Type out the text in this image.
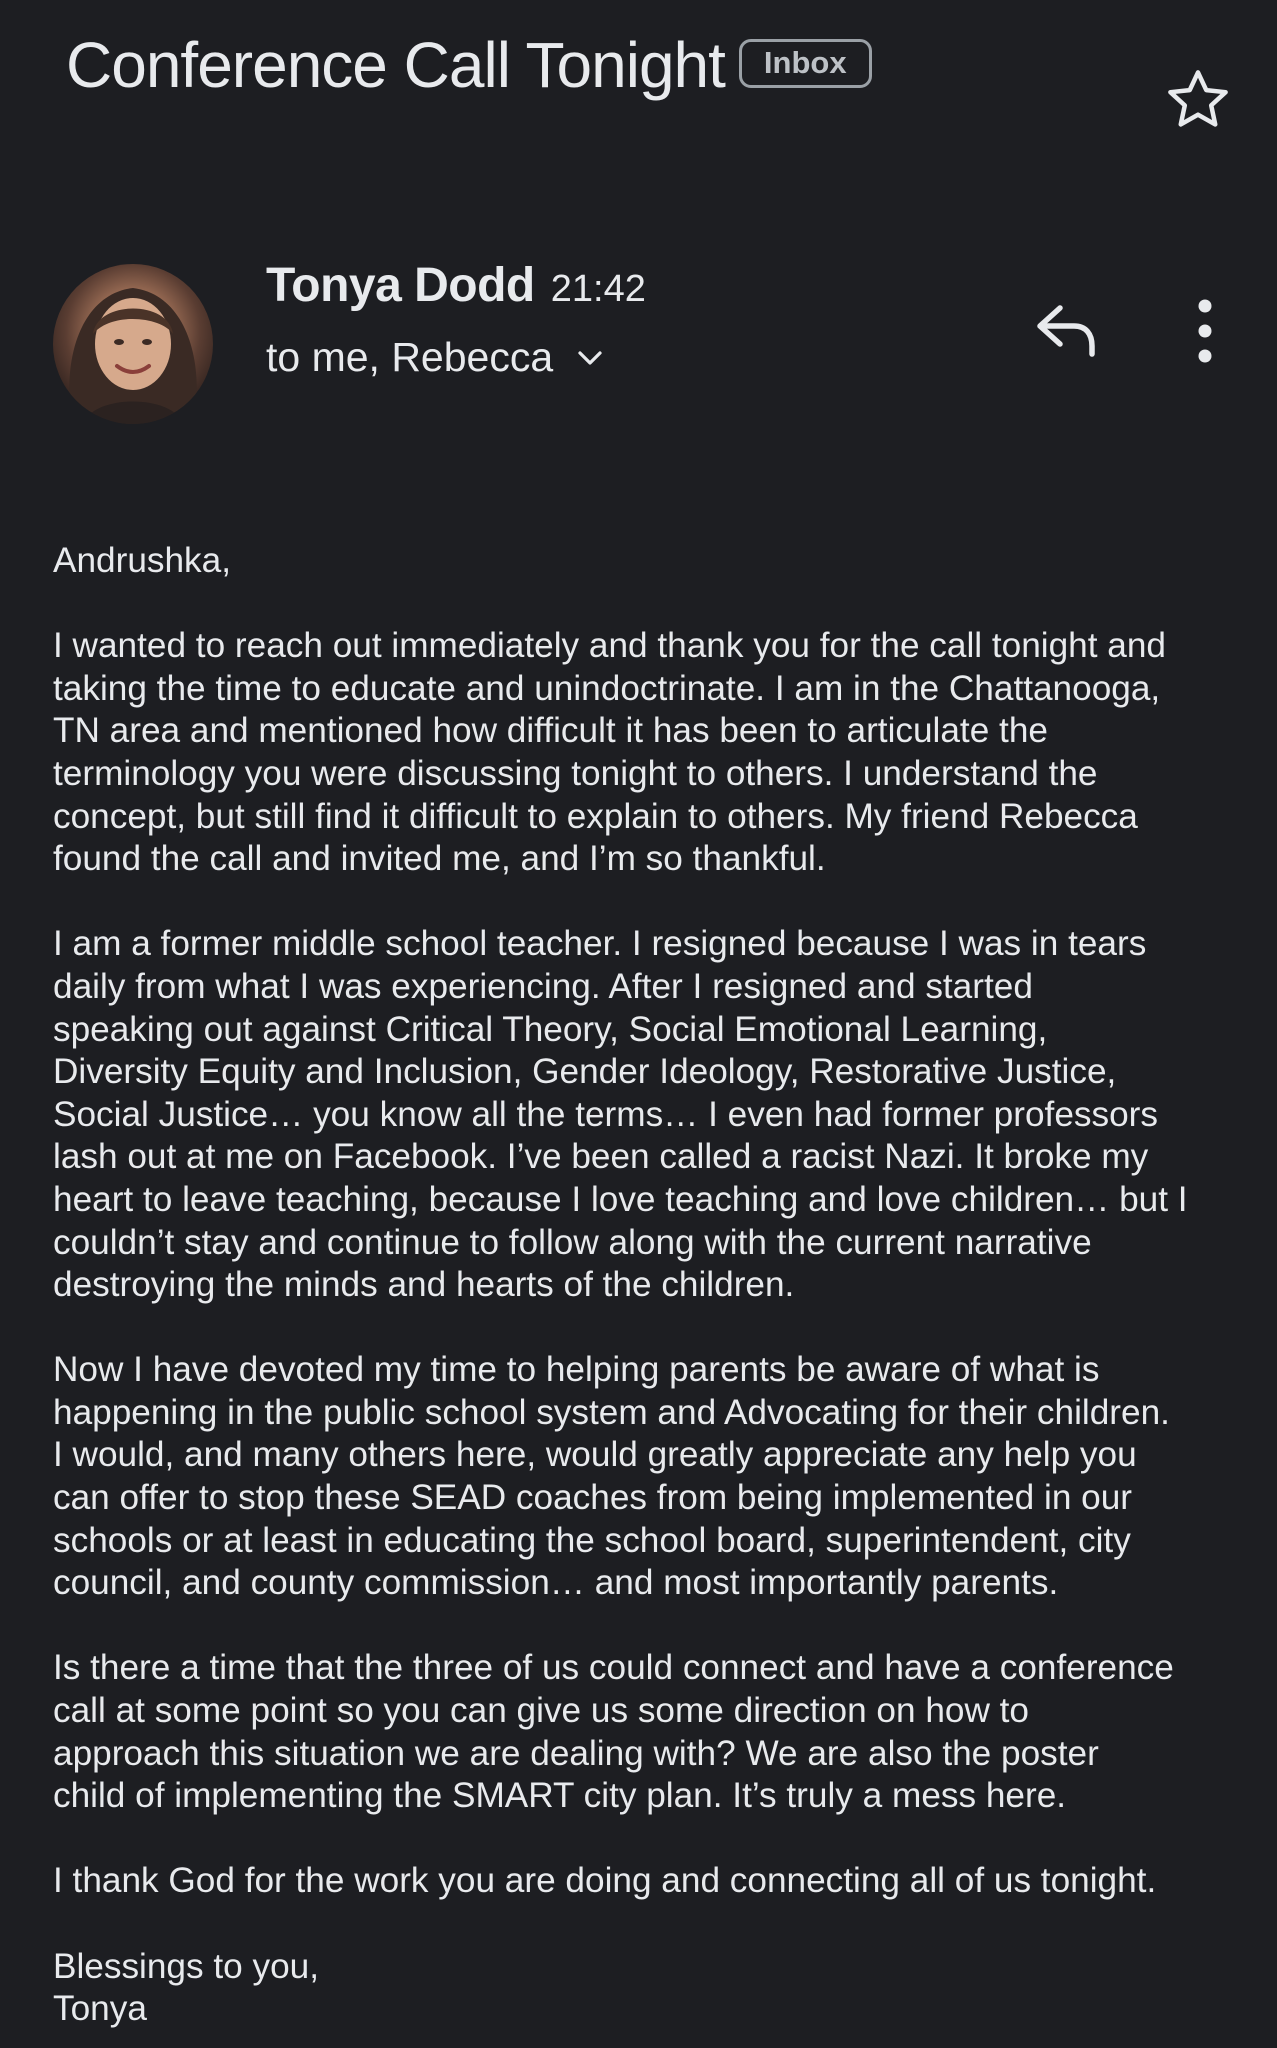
Conference Call Tonight	Inbox
Tonya Dodd 21:42
to me, Rebecca

Andrushka,

I wanted to reach out immediately and thank you for the call tonight and
taking the time to educate and unindoctrinate. I am in the Chattanooga,
TN area and mentioned how difficult it has been to articulate the
terminology you were discussing tonight to others. I understand the
concept, but still find it difficult to explain to others. My friend Rebecca
found the call and invited me, and I’m so thankful.

I am a former middle school teacher. I resigned because I was in tears
daily from what I was experiencing. After I resigned and started
speaking out against Critical Theory, Social Emotional Learning,
Diversity Equity and Inclusion, Gender Ideology, Restorative Justice,
Social Justice… you know all the terms… I even had former professors
lash out at me on Facebook. I’ve been called a racist Nazi. It broke my
heart to leave teaching, because I love teaching and love children… but I
couldn’t stay and continue to follow along with the current narrative
destroying the minds and hearts of the children.

Now I have devoted my time to helping parents be aware of what is
happening in the public school system and Advocating for their children.
I would, and many others here, would greatly appreciate any help you
can offer to stop these SEAD coaches from being implemented in our
schools or at least in educating the school board, superintendent, city
council, and county commission… and most importantly parents.

Is there a time that the three of us could connect and have a conference
call at some point so you can give us some direction on how to
approach this situation we are dealing with? We are also the poster
child of implementing the SMART city plan. It’s truly a mess here.

I thank God for the work you are doing and connecting all of us tonight.

Blessings to you,
Tonya
